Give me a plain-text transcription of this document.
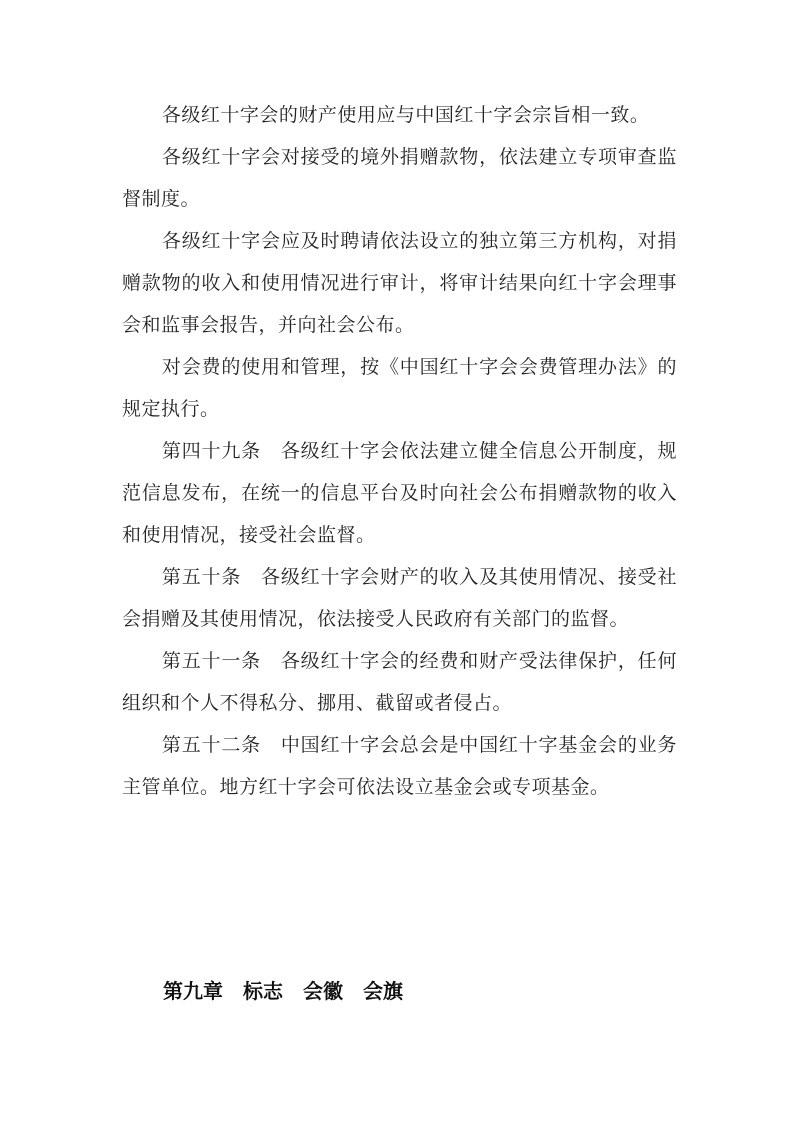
各级红十字会的财产使用应与中国红十字会宗旨相一致。

各级红十字会对接受的境外捐赠款物，依法建立专项审查监督制度。

各级红十字会应及时聘请依法设立的独立第三方机构，对捐赠款物的收入和使用情况进行审计，将审计结果向红十字会理事会和监事会报告，并向社会公布。

对会费的使用和管理，按《中国红十字会会费管理办法》的规定执行。

第四十九条　各级红十字会依法建立健全信息公开制度，规范信息发布，在统一的信息平台及时向社会公布捐赠款物的收入和使用情况，接受社会监督。

第五十条　各级红十字会财产的收入及其使用情况、接受社会捐赠及其使用情况，依法接受人民政府有关部门的监督。

第五十一条　各级红十字会的经费和财产受法律保护，任何组织和个人不得私分、挪用、截留或者侵占。

第五十二条　中国红十字会总会是中国红十字基金会的业务主管单位。地方红十字会可依法设立基金会或专项基金。

第九章　标志　会徽　会旗
